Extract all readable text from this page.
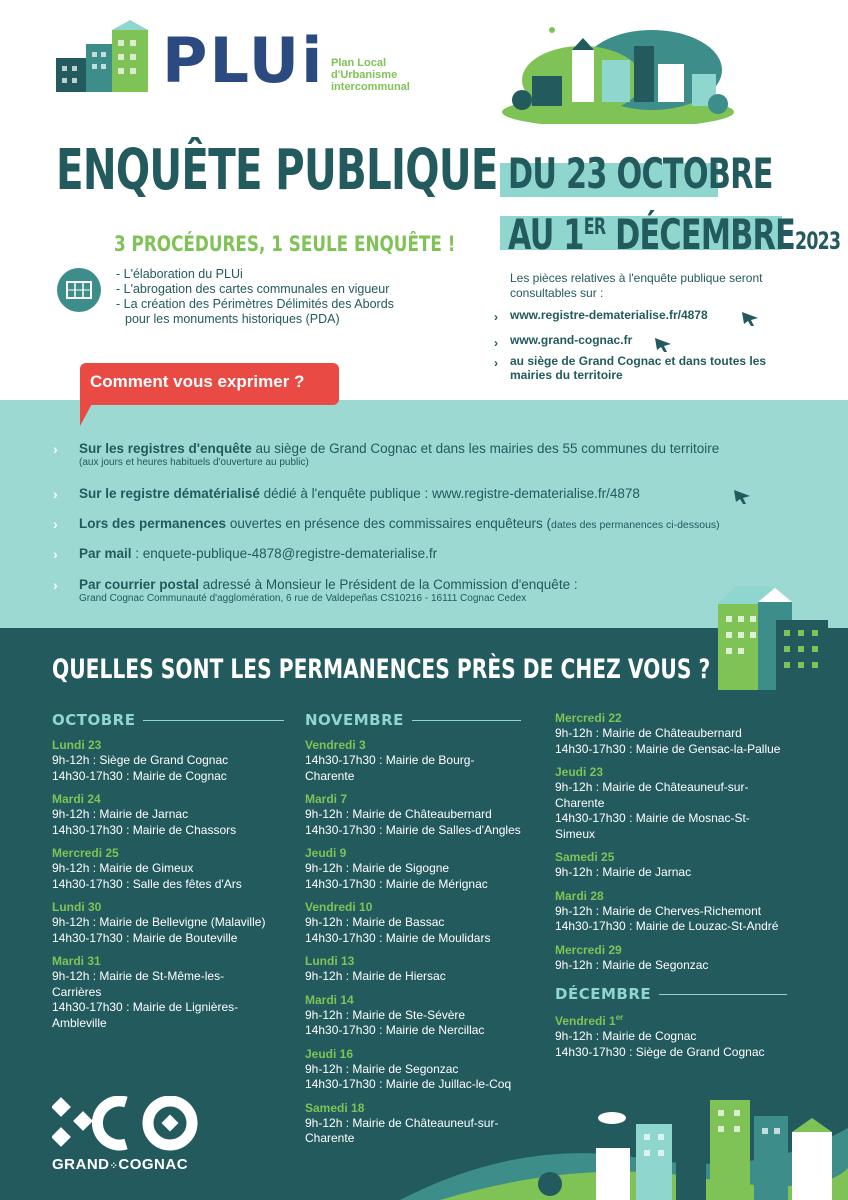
PLUi Plan Local
d'Urbanisme
intercommunal
ENQUÊTE PUBLIQUE
3 PROCÉDURES, 1 SEULE ENQUÊTE !
- L'élaboration du PLUi
- L'abrogation des cartes communales en vigueur
- La création des Périmètres Délimités des Abords
pour les monuments historiques (PDA)
DU 23 OCTOBRE
AU 1ER DÉCEMBRE2023
Les pièces relatives à l'enquête publique seront consultables sur :
› www.registre-dematerialise.fr/4878
› www.grand-cognac.fr
› au siège de Grand Cognac et dans toutes les mairies du territoire
Comment vous exprimer ?
› Sur les registres d'enquête au siège de Grand Cognac et dans les mairies des 55 communes du territoire
(aux jours et heures habituels d'ouverture au public)
› Sur le registre dématérialisé dédié à l'enquête publique : www.registre-dematerialise.fr/4878
› Lors des permanences ouvertes en présence des commissaires enquêteurs (dates des permanences ci-dessous)
› Par mail : enquete-publique-4878@registre-dematerialise.fr
› Par courrier postal adressé à Monsieur le Président de la Commission d'enquête :
Grand Cognac Communauté d'agglomération, 6 rue de Valdepeñas CS10216 - 16111 Cognac Cedex
QUELLES SONT LES PERMANENCES PRÈS DE CHEZ VOUS ?
OCTOBRE
Lundi 23
9h-12h : Siège de Grand Cognac
14h30-17h30 : Mairie de Cognac
Mardi 24
9h-12h : Mairie de Jarnac
14h30-17h30 : Mairie de Chassors
Mercredi 25
9h-12h : Mairie de Gimeux
14h30-17h30 : Salle des fêtes d'Ars
Lundi 30
9h-12h : Mairie de Bellevigne (Malaville)
14h30-17h30 : Mairie de Bouteville
Mardi 31
9h-12h : Mairie de St-Même-les-
Carrières
14h30-17h30 : Mairie de Lignières-
Ambleville
NOVEMBRE
Vendredi 3
14h30-17h30 : Mairie de Bourg-Charente
Mardi 7
9h-12h : Mairie de Châteaubernard
14h30-17h30 : Mairie de Salles-d'Angles
Jeudi 9
9h-12h : Mairie de Sigogne
14h30-17h30 : Mairie de Mérignac
Vendredi 10
9h-12h : Mairie de Bassac
14h30-17h30 : Mairie de Moulidars
Lundi 13
9h-12h : Mairie de Hiersac
Mardi 14
9h-12h : Mairie de Ste-Sévère
14h30-17h30 : Mairie de Nercillac
Jeudi 16
9h-12h : Mairie de Segonzac
14h30-17h30 : Mairie de Juillac-le-Coq
Samedi 18
9h-12h : Mairie de Châteauneuf-sur-
Charente
Mercredi 22
9h-12h : Mairie de Châteaubernard
14h30-17h30 : Mairie de Gensac-la-Pallue
Jeudi 23
9h-12h : Mairie de Châteauneuf-sur-
Charente
14h30-17h30 : Mairie de Mosnac-St-
Simeux
Samedi 25
9h-12h : Mairie de Jarnac
Mardi 28
9h-12h : Mairie de Cherves-Richemont
14h30-17h30 : Mairie de Louzac-St-André
Mercredi 29
9h-12h : Mairie de Segonzac
DÉCEMBRE
Vendredi 1er
9h-12h : Mairie de Cognac
14h30-17h30 : Siège de Grand Cognac
GRAND⁘COGNAC
